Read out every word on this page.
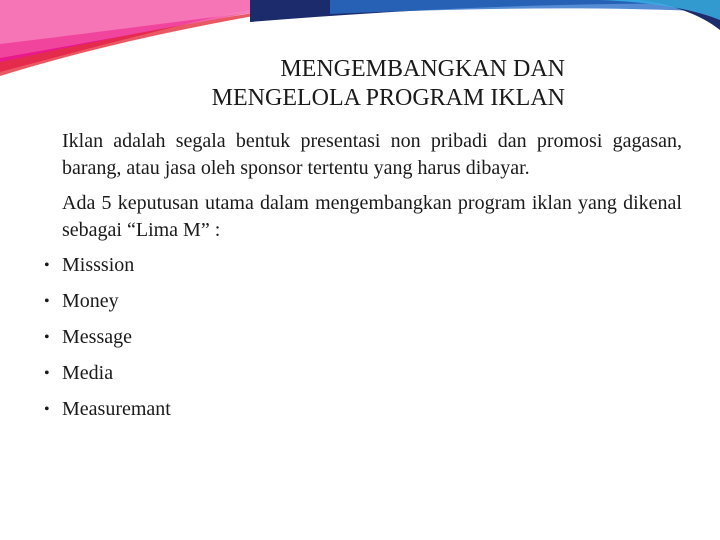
MENGEMBANGKAN DAN
MENGELOLA PROGRAM IKLAN

Iklan adalah segala bentuk presentasi non pribadi dan promosi gagasan, barang, atau jasa oleh sponsor tertentu yang harus dibayar.

Ada 5 keputusan utama dalam mengembangkan program iklan yang dikenal sebagai “Lima M” :

• Misssion
• Money
• Message
• Media
• Measuremant
